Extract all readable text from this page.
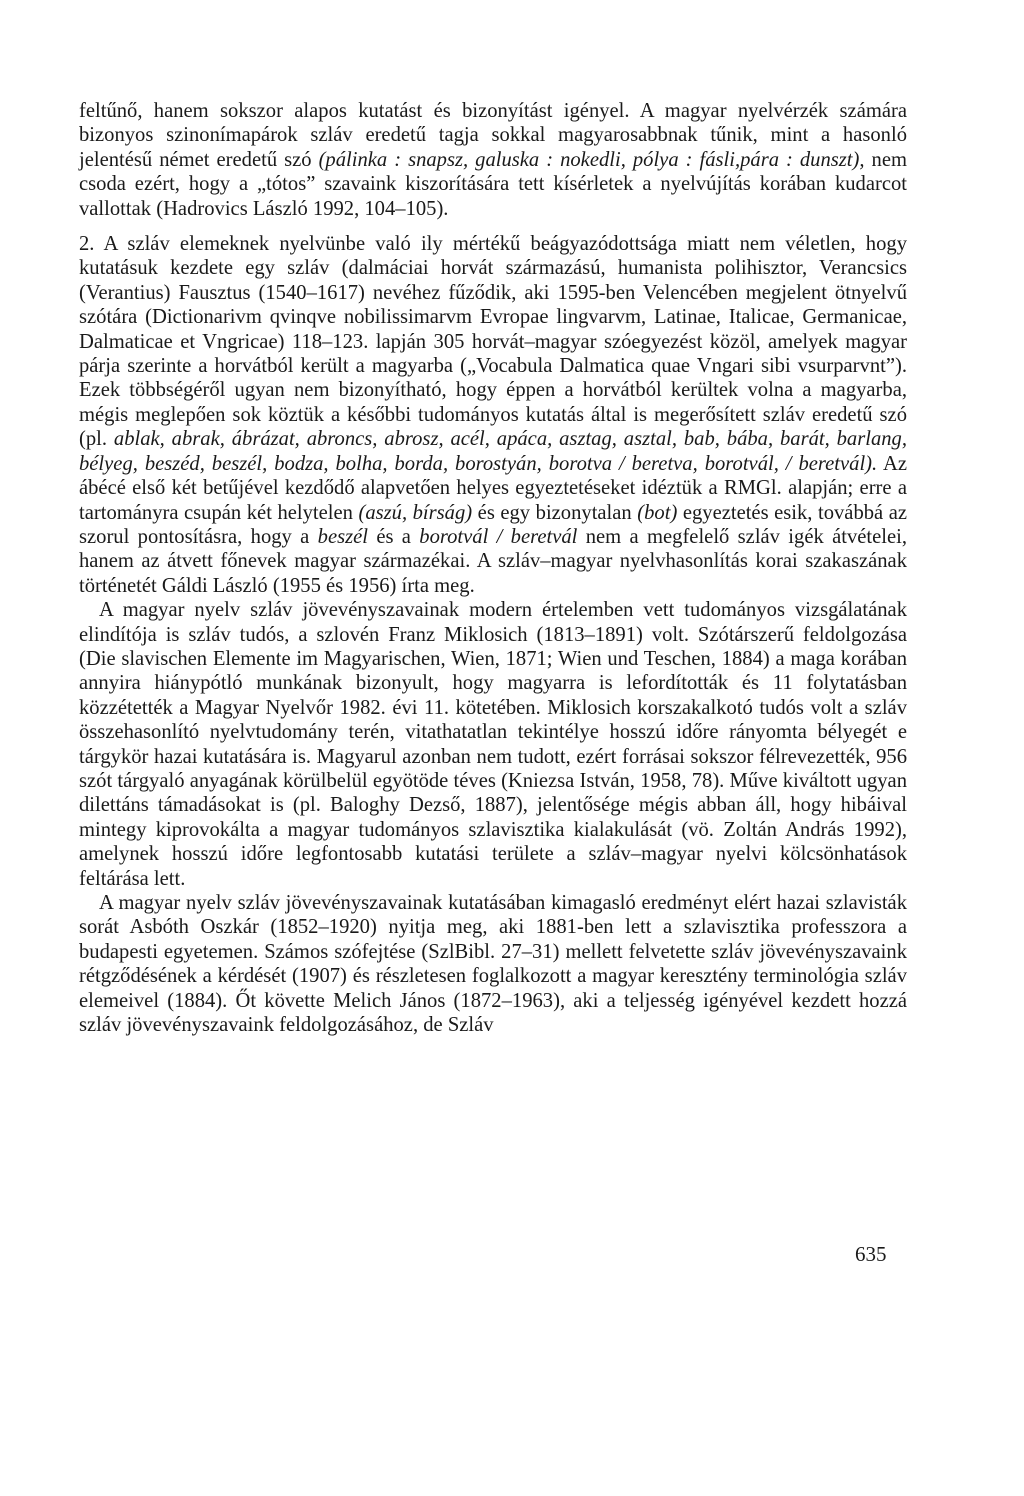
feltűnő, hanem sokszor alapos kutatást és bizonyítást igényel. A magyar nyelvérzék számára bizonyos szinonímapárok szláv eredetű tagja sokkal magyarosabbnak tűnik, mint a hasonló jelentésű német eredetű szó (pálinka : snapsz, galuska : nokedli, pólya : fásli,pára : dunszt), nem csoda ezért, hogy a „tótos” szavaink kiszorítására tett kísérletek a nyelvújítás korában kudarcot vallottak (Hadrovics László 1992, 104–105).

2. A szláv elemeknek nyelvünbe való ily mértékű beágyazódottsága miatt nem véletlen, hogy kutatásuk kezdete egy szláv (dalmáciai horvát származású, humanista polihisztor, Verancsics (Verantius) Fausztus (1540–1617) nevéhez fűződik, aki 1595-ben Velencében megjelent ötnyelvű szótára (Dictionarivm qvinqve nobilissimarvm Evropae lingvarvm, Latinae, Italicae, Germanicae, Dalmaticae et Vngricae) 118–123. lapján 305 horvát–magyar szóegyezést közöl, amelyek magyar párja szerinte a horvátból került a magyarba („Vocabula Dalmatica quae Vngari sibi vsurparvnt”). Ezek többségéről ugyan nem bizonyítható, hogy éppen a horvátból kerültek volna a magyarba, mégis meglepően sok köztük a későbbi tudományos kutatás által is megerősített szláv eredetű szó (pl. ablak, abrak, ábrázat, abroncs, abrosz, acél, apáca, asztag, asztal, bab, bába, barát, barlang, bélyeg, beszéd, beszél, bodza, bolha, borda, borostyán, borotva / beretva, borotvál, / beretvál). Az ábécé első két betűjével kezdődő alapvetően helyes egyeztetéseket idéztük a RMGl. alapján; erre a tartományra csupán két helytelen (aszú, bírság) és egy bizonytalan (bot) egyeztetés esik, továbbá az szorul pontosításra, hogy a beszél és a borotvál / beretvál nem a megfelelő szláv igék átvételei, hanem az átvett főnevek magyar származékai. A szláv–magyar nyelvhasonlítás korai szakaszának történetét Gáldi László (1955 és 1956) írta meg.

A magyar nyelv szláv jövevényszavainak modern értelemben vett tudományos vizsgálatának elindítója is szláv tudós, a szlovén Franz Miklosich (1813–1891) volt. Szótárszerű feldolgozása (Die slavischen Elemente im Magyarischen, Wien, 1871; Wien und Teschen, 1884) a maga korában annyira hiánypótló munkának bizonyult, hogy magyarra is lefordították és 11 folytatásban közzétették a Magyar Nyelvőr 1982. évi 11. kötetében. Miklosich korszakalkotó tudós volt a szláv összehasonlító nyelvtudomány terén, vitathatatlan tekintélye hosszú időre rányomta bélyegét e tárgykör hazai kutatására is. Magyarul azonban nem tudott, ezért forrásai sokszor félrevezették, 956 szót tárgyaló anyagának körülbelül egyötöde téves (Kniezsa István, 1958, 78). Műve kiváltott ugyan dilettáns támadásokat is (pl. Baloghy Dezső, 1887), jelentősége mégis abban áll, hogy hibáival mintegy kiprovokálta a magyar tudományos szlavisztika kialakulását (vö. Zoltán András 1992), amelynek hosszú időre legfontosabb kutatási területe a szláv–magyar nyelvi kölcsönhatások feltárása lett.

A magyar nyelv szláv jövevényszavainak kutatásában kimagasló eredményt elért hazai szlavisták sorát Asbóth Oszkár (1852–1920) nyitja meg, aki 1881-ben lett a szlavisztika professzora a budapesti egyetemen. Számos szófejtése (SzlBibl. 27–31) mellett felvetette szláv jövevényszavaink rétgződésének a kérdését (1907) és részletesen foglalkozott a magyar keresztény terminológia szláv elemeivel (1884). Őt követte Melich János (1872–1963), aki a teljesség igényével kezdett hozzá szláv jövevényszavaink feldolgozásához, de Szláv

635
